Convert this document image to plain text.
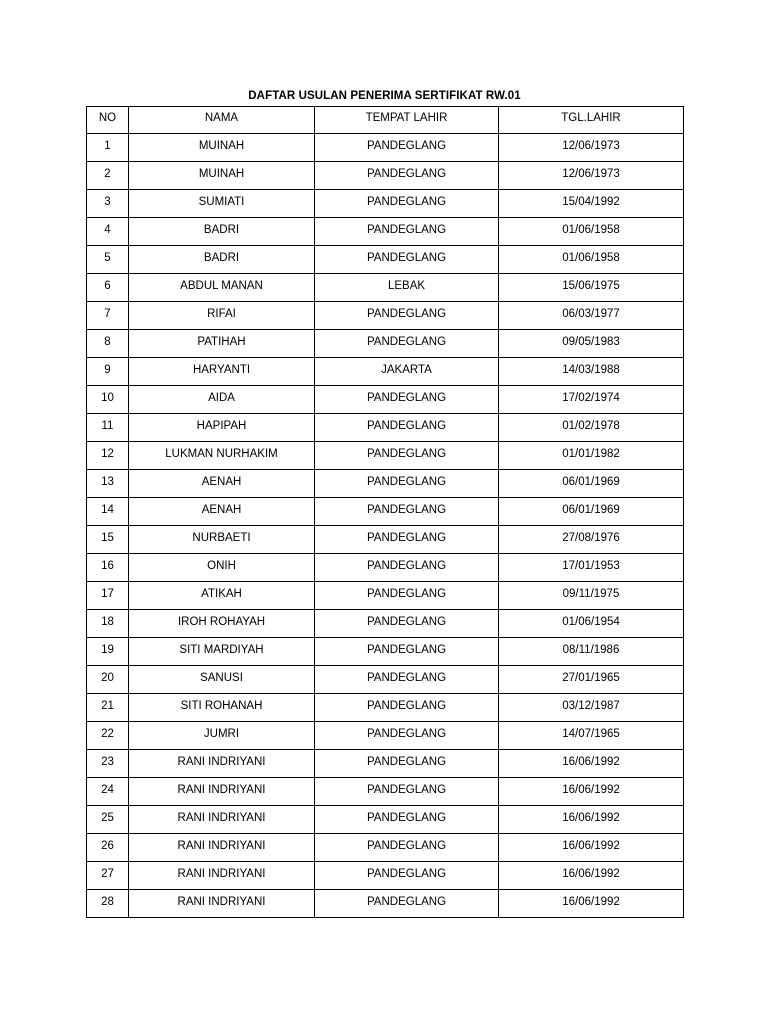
DAFTAR USULAN PENERIMA SERTIFIKAT RW.01
NO	NAMA	TEMPAT LAHIR	TGL.LAHIR
1	MUINAH	PANDEGLANG	12/06/1973
2	MUINAH	PANDEGLANG	12/06/1973
3	SUMIATI	PANDEGLANG	15/04/1992
4	BADRI	PANDEGLANG	01/06/1958
5	BADRI	PANDEGLANG	01/06/1958
6	ABDUL MANAN	LEBAK	15/06/1975
7	RIFAI	PANDEGLANG	06/03/1977
8	PATIHAH	PANDEGLANG	09/05/1983
9	HARYANTI	JAKARTA	14/03/1988
10	AIDA	PANDEGLANG	17/02/1974
11	HAPIPAH	PANDEGLANG	01/02/1978
12	LUKMAN NURHAKIM	PANDEGLANG	01/01/1982
13	AENAH	PANDEGLANG	06/01/1969
14	AENAH	PANDEGLANG	06/01/1969
15	NURBAETI	PANDEGLANG	27/08/1976
16	ONIH	PANDEGLANG	17/01/1953
17	ATIKAH	PANDEGLANG	09/11/1975
18	IROH ROHAYAH	PANDEGLANG	01/06/1954
19	SITI MARDIYAH	PANDEGLANG	08/11/1986
20	SANUSI	PANDEGLANG	27/01/1965
21	SITI ROHANAH	PANDEGLANG	03/12/1987
22	JUMRI	PANDEGLANG	14/07/1965
23	RANI INDRIYANI	PANDEGLANG	16/06/1992
24	RANI INDRIYANI	PANDEGLANG	16/06/1992
25	RANI INDRIYANI	PANDEGLANG	16/06/1992
26	RANI INDRIYANI	PANDEGLANG	16/06/1992
27	RANI INDRIYANI	PANDEGLANG	16/06/1992
28	RANI INDRIYANI	PANDEGLANG	16/06/1992
